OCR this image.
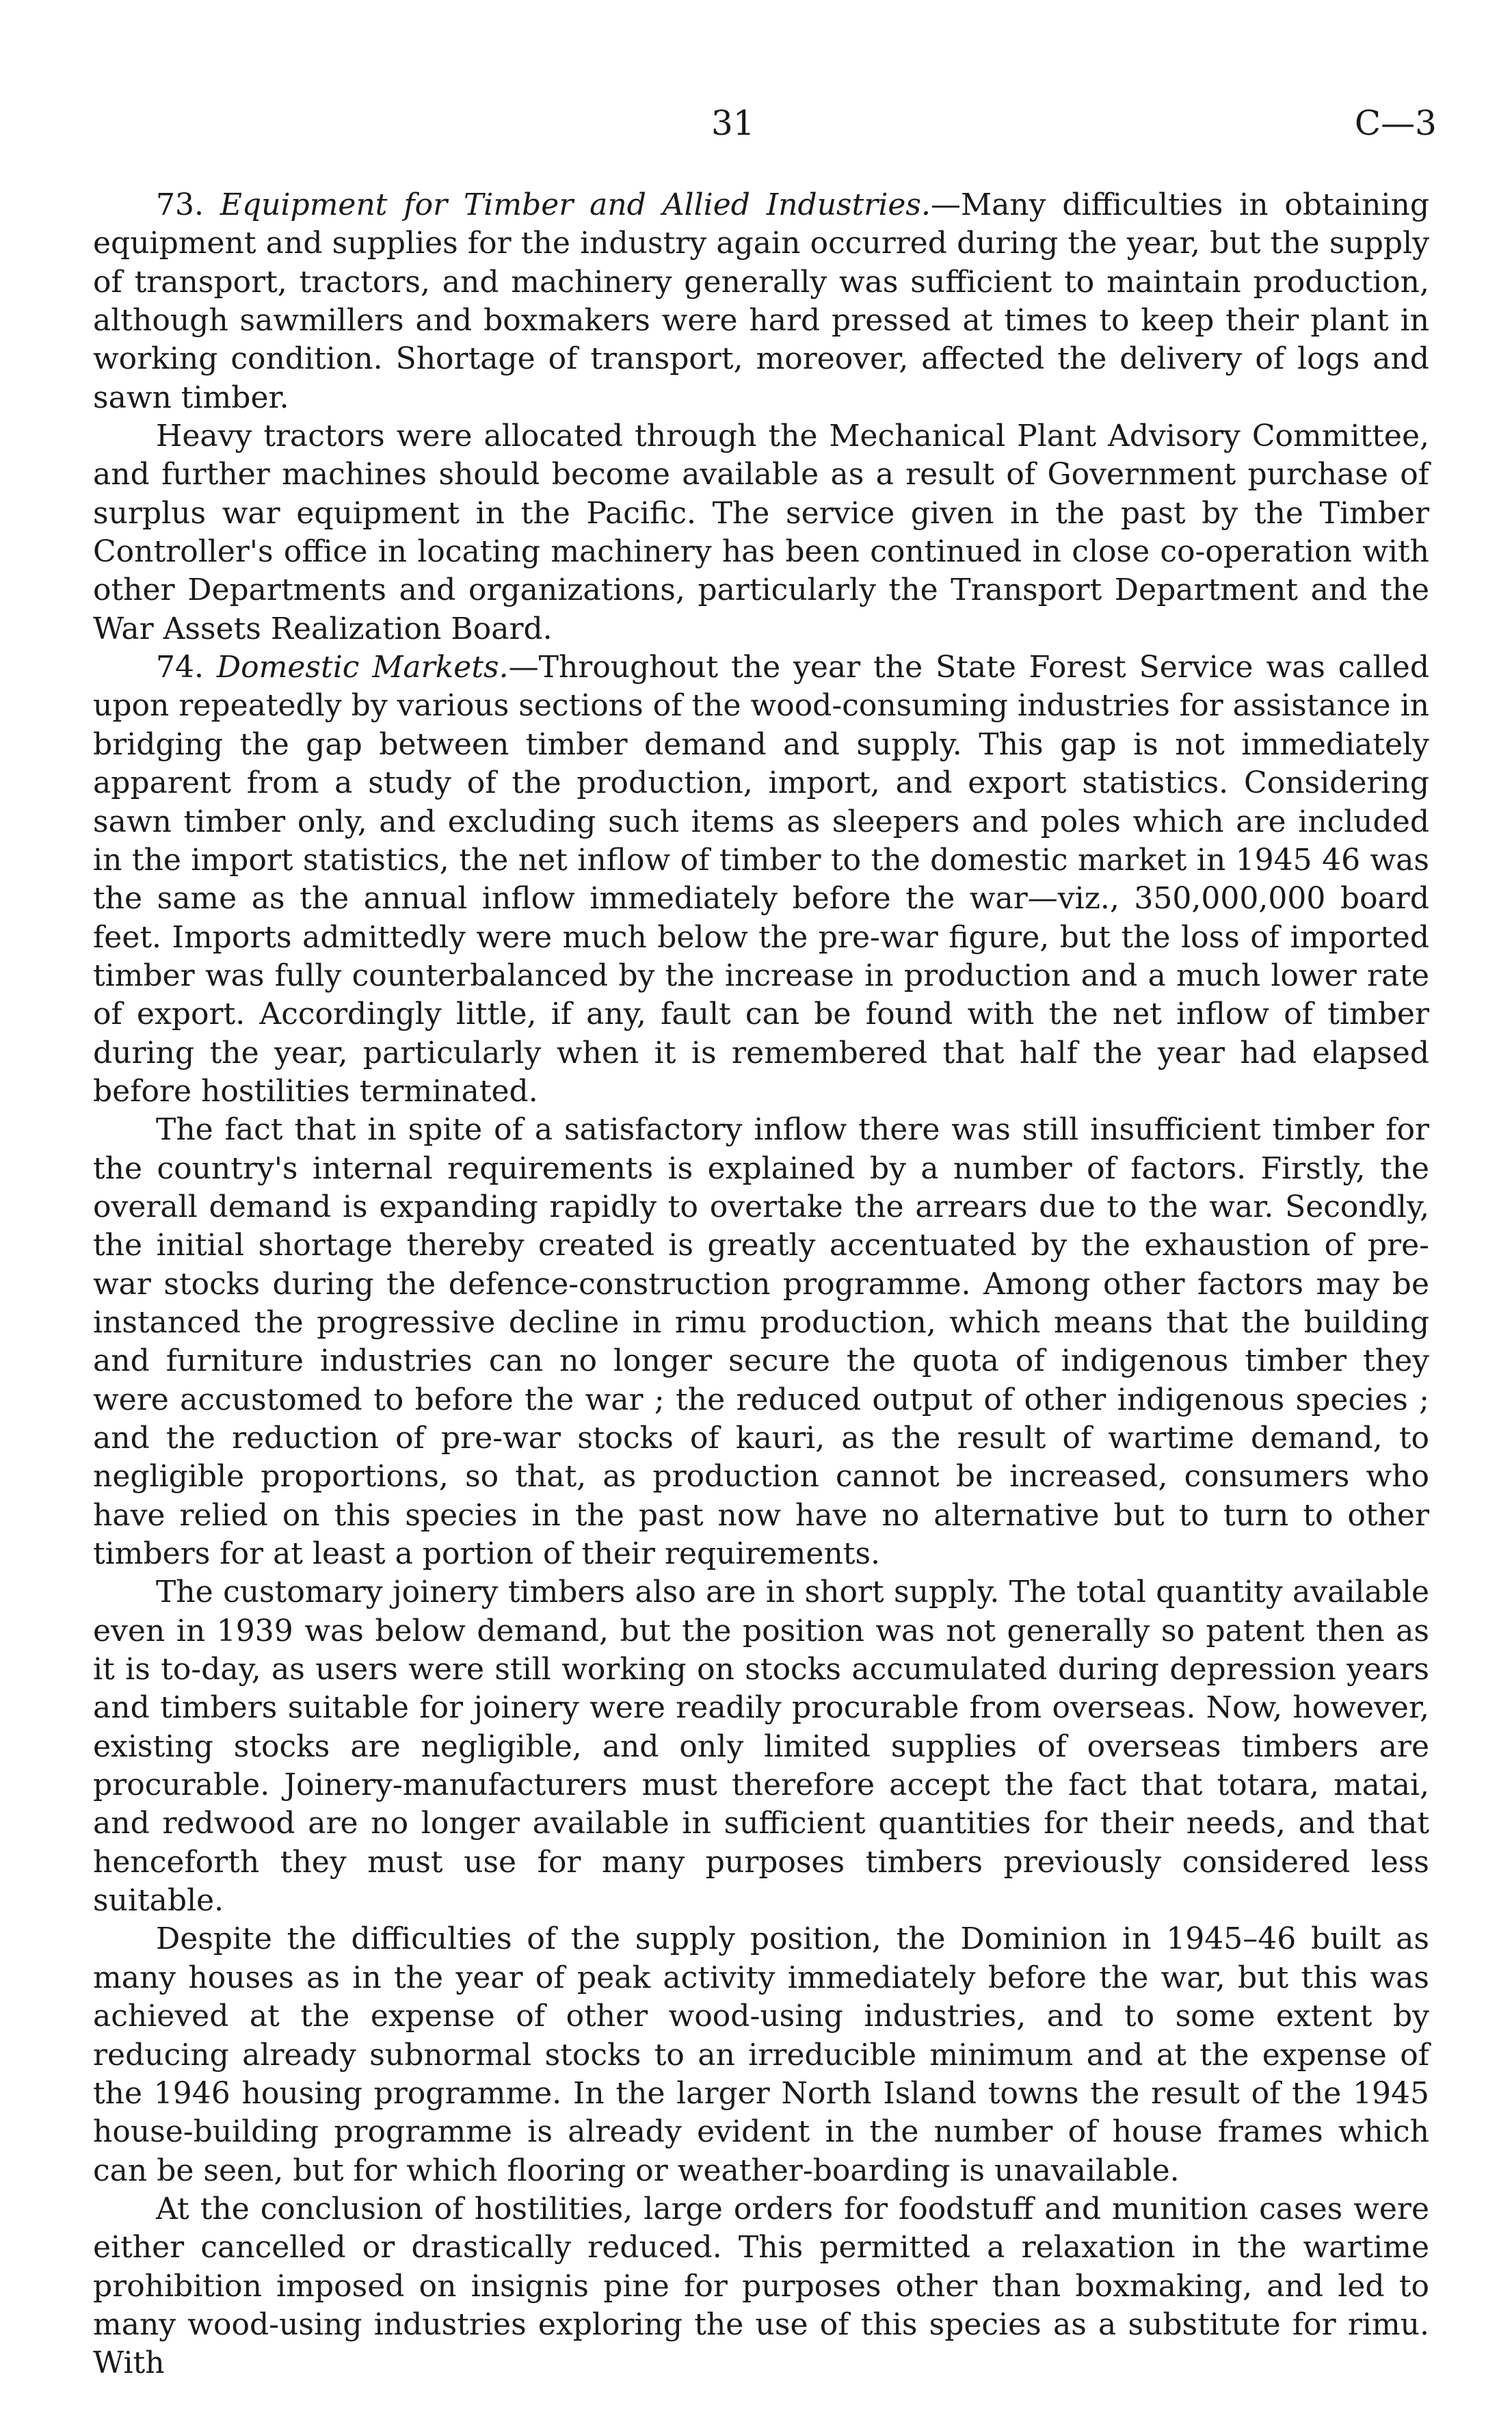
31	C—3

73. Equipment for Timber and Allied Industries.—Many difficulties in obtaining equipment and supplies for the industry again occurred during the year, but the supply of transport, tractors, and machinery generally was sufficient to maintain production, although sawmillers and boxmakers were hard pressed at times to keep their plant in working condition. Shortage of transport, moreover, affected the delivery of logs and sawn timber.

Heavy tractors were allocated through the Mechanical Plant Advisory Committee, and further machines should become available as a result of Government purchase of surplus war equipment in the Pacific. The service given in the past by the Timber Controller's office in locating machinery has been continued in close co-operation with other Departments and organizations, particularly the Transport Department and the War Assets Realization Board.

74. Domestic Markets.—Throughout the year the State Forest Service was called upon repeatedly by various sections of the wood-consuming industries for assistance in bridging the gap between timber demand and supply. This gap is not immediately apparent from a study of the production, import, and export statistics. Considering sawn timber only, and excluding such items as sleepers and poles which are included in the import statistics, the net inflow of timber to the domestic market in 1945 46 was the same as the annual inflow immediately before the war—viz., 350,000,000 board feet. Imports admittedly were much below the pre-war figure, but the loss of imported timber was fully counterbalanced by the increase in production and a much lower rate of export. Accordingly little, if any, fault can be found with the net inflow of timber during the year, particularly when it is remembered that half the year had elapsed before hostilities terminated.

The fact that in spite of a satisfactory inflow there was still insufficient timber for the country's internal requirements is explained by a number of factors. Firstly, the overall demand is expanding rapidly to overtake the arrears due to the war. Secondly, the initial shortage thereby created is greatly accentuated by the exhaustion of pre-war stocks during the defence-construction programme. Among other factors may be instanced the progressive decline in rimu production, which means that the building and furniture industries can no longer secure the quota of indigenous timber they were accustomed to before the war ; the reduced output of other indigenous species ; and the reduction of pre-war stocks of kauri, as the result of wartime demand, to negligible proportions, so that, as production cannot be increased, consumers who have relied on this species in the past now have no alternative but to turn to other timbers for at least a portion of their requirements.

The customary joinery timbers also are in short supply. The total quantity available even in 1939 was below demand, but the position was not generally so patent then as it is to-day, as users were still working on stocks accumulated during depression years and timbers suitable for joinery were readily procurable from overseas. Now, however, existing stocks are negligible, and only limited supplies of overseas timbers are procurable. Joinery-manufacturers must therefore accept the fact that totara, matai, and redwood are no longer available in sufficient quantities for their needs, and that henceforth they must use for many purposes timbers previously considered less suitable.

Despite the difficulties of the supply position, the Dominion in 1945–46 built as many houses as in the year of peak activity immediately before the war, but this was achieved at the expense of other wood-using industries, and to some extent by reducing already subnormal stocks to an irreducible minimum and at the expense of the 1946 housing programme. In the larger North Island towns the result of the 1945 house-building programme is already evident in the number of house frames which can be seen, but for which flooring or weather-boarding is unavailable.

At the conclusion of hostilities, large orders for foodstuff and munition cases were either cancelled or drastically reduced. This permitted a relaxation in the wartime prohibition imposed on insignis pine for purposes other than boxmaking, and led to many wood-using industries exploring the use of this species as a substitute for rimu. With
